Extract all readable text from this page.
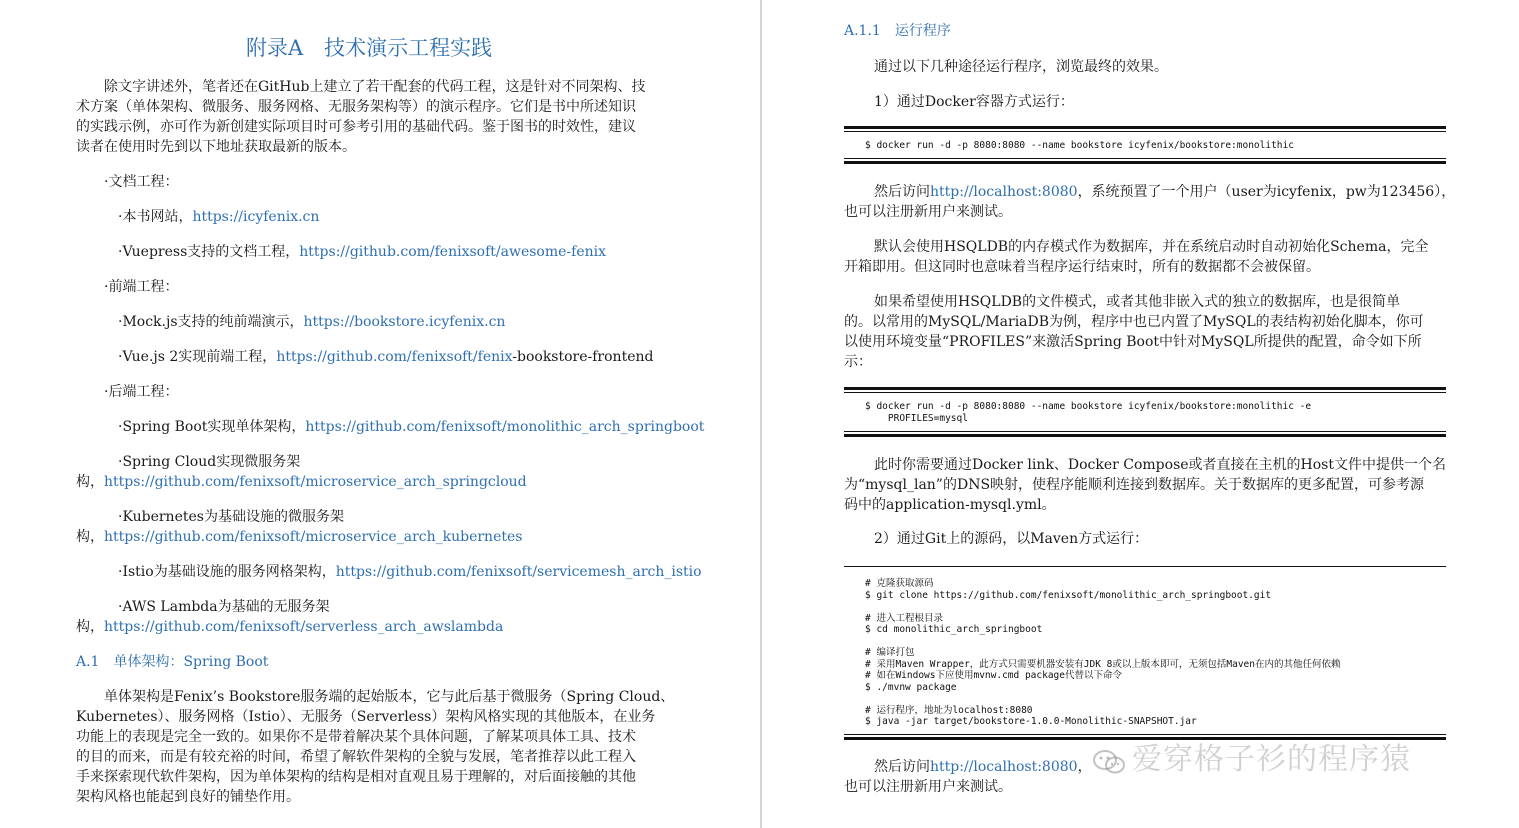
附录A　技术演示工程实践
除文字讲述外，笔者还在GitHub上建立了若干配套的代码工程，这是针对不同架构、技
术方案（单体架构、微服务、服务网格、无服务架构等）的演示程序。它们是书中所述知识
的实践示例，亦可作为新创建实际项目时可参考引用的基础代码。鉴于图书的时效性，建议
读者在使用时先到以下地址获取最新的版本。
·文档工程：
·本书网站，https://icyfenix.cn
·Vuepress支持的文档工程，https://github.com/fenixsoft/awesome-fenix
·前端工程：
·Mock.js支持的纯前端演示，https://bookstore.icyfenix.cn
·Vue.js 2实现前端工程，https://github.com/fenixsoft/fenix-bookstore-frontend
·后端工程：
·Spring Boot实现单体架构，https://github.com/fenixsoft/monolithic_arch_springboot
·Spring Cloud实现微服务架
构，https://github.com/fenixsoft/microservice_arch_springcloud
·Kubernetes为基础设施的微服务架
构，https://github.com/fenixsoft/microservice_arch_kubernetes
·Istio为基础设施的服务网格架构，https://github.com/fenixsoft/servicemesh_arch_istio
·AWS Lambda为基础的无服务架
构，https://github.com/fenixsoft/serverless_arch_awslambda
A.1　单体架构：Spring Boot
单体架构是Fenix’s Bookstore服务端的起始版本，它与此后基于微服务（Spring Cloud、
Kubernetes）、服务网格（Istio）、无服务（Serverless）架构风格实现的其他版本，在业务
功能上的表现是完全一致的。如果你不是带着解决某个具体问题，了解某项具体工具、技术
的目的而来，而是有较充裕的时间，希望了解软件架构的全貌与发展，笔者推荐以此工程入
手来探索现代软件架构，因为单体架构的结构是相对直观且易于理解的，对后面接触的其他
架构风格也能起到良好的铺垫作用。
A.1.1　运行程序
通过以下几种途径运行程序，浏览最终的效果。
1）通过Docker容器方式运行：
$ docker run -d -p 8080:8080 --name bookstore icyfenix/bookstore:monolithic
然后访问http://localhost:8080，系统预置了一个用户（user为icyfenix，pw为123456），
也可以注册新用户来测试。
默认会使用HSQLDB的内存模式作为数据库，并在系统启动时自动初始化Schema，完全
开箱即用。但这同时也意味着当程序运行结束时，所有的数据都不会被保留。
如果希望使用HSQLDB的文件模式，或者其他非嵌入式的独立的数据库，也是很简单
的。以常用的MySQL/MariaDB为例，程序中也已内置了MySQL的表结构初始化脚本，你可
以使用环境变量“PROFILES”来激活Spring Boot中针对MySQL所提供的配置，命令如下所
示：
$ docker run -d -p 8080:8080 --name bookstore icyfenix/bookstore:monolithic -e
PROFILES=mysql
此时你需要通过Docker link、Docker Compose或者直接在主机的Host文件中提供一个名
为“mysql_lan”的DNS映射，使程序能顺利连接到数据库。关于数据库的更多配置，可参考源
码中的application-mysql.yml。
2）通过Git上的源码，以Maven方式运行：
# 克隆获取源码
$ git clone https://github.com/fenixsoft/monolithic_arch_springboot.git

# 进入工程根目录
$ cd monolithic_arch_springboot

# 编译打包
# 采用Maven Wrapper，此方式只需要机器安装有JDK 8或以上版本即可，无须包括Maven在内的其他任何依赖
# 如在Windows下应使用mvnw.cmd package代替以下命令
$ ./mvnw package

# 运行程序，地址为localhost:8080
$ java -jar target/bookstore-1.0.0-Monolithic-SNAPSHOT.jar
然后访问http://localhost:8080，
也可以注册新用户来测试。
爱穿格子衫的程序猿
